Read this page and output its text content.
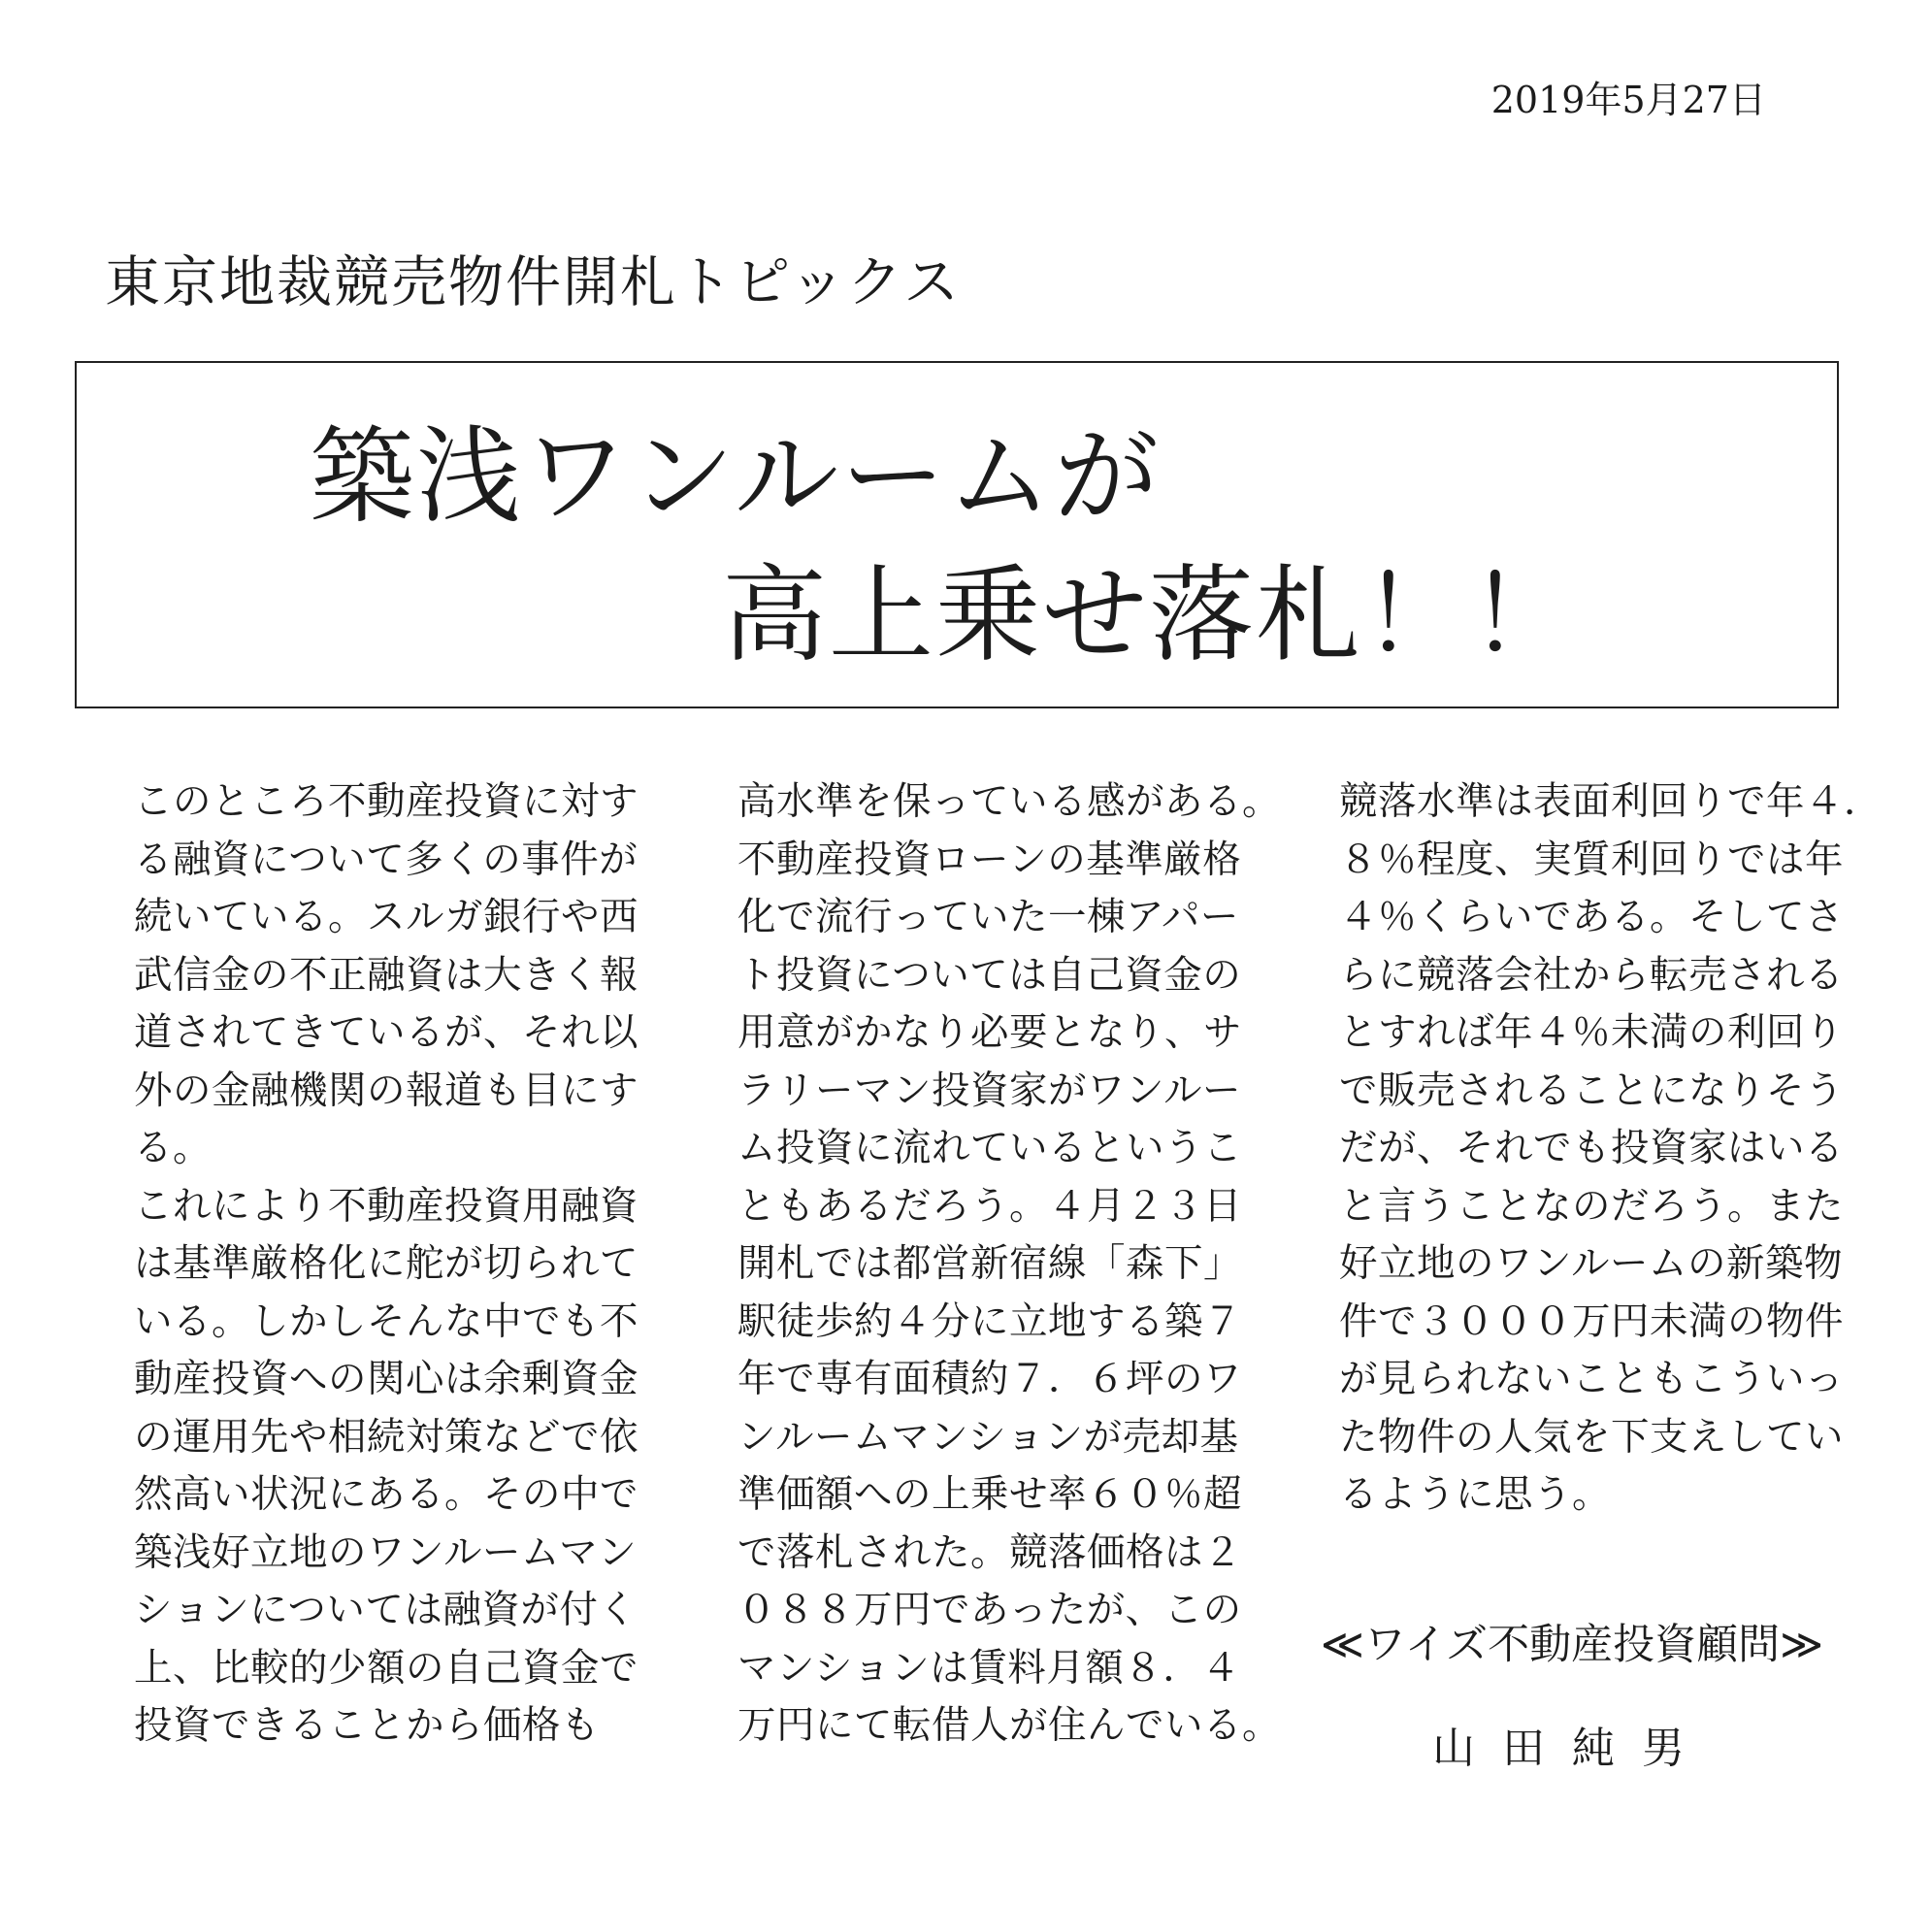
2019年5月27日
東京地裁競売物件開札トピックス
築浅ワンルームが
高上乗せ落札！！

このところ不動産投資に対す

る融資について多くの事件が

続いている。スルガ銀行や西

武信金の不正融資は大きく報

道されてきているが、それ以

外の金融機関の報道も目にす

る。

これにより不動産投資用融資

は基準厳格化に舵が切られて

いる。しかしそんな中でも不

動産投資への関心は余剰資金

の運用先や相続対策などで依

然高い状況にある。その中で

築浅好立地のワンルームマン

ションについては融資が付く

上、比較的少額の自己資金で

投資できることから価格も

高水準を保っている感がある。

不動産投資ローンの基準厳格

化で流行っていた一棟アパー

ト投資については自己資金の

用意がかなり必要となり、サ

ラリーマン投資家がワンルー

ム投資に流れているというこ

ともあるだろう。４月２３日

開札では都営新宿線「森下」

駅徒歩約４分に立地する築７

年で専有面積約７．６坪のワ

ンルームマンションが売却基

準価額への上乗せ率６０％超

で落札された。競落価格は２

０８８万円であったが、この

マンションは賃料月額８．４

万円にて転借人が住んでいる。

競落水準は表面利回りで年４．

８％程度、実質利回りでは年

４％くらいである。そしてさ

らに競落会社から転売される

とすれば年４％未満の利回り

で販売されることになりそう

だが、それでも投資家はいる

と言うことなのだろう。また

好立地のワンルームの新築物

件で３０００万円未満の物件

が見られないこともこういっ

た物件の人気を下支えしてい

るように思う。

≪ワイズ不動産投資顧問≫
山田純男
